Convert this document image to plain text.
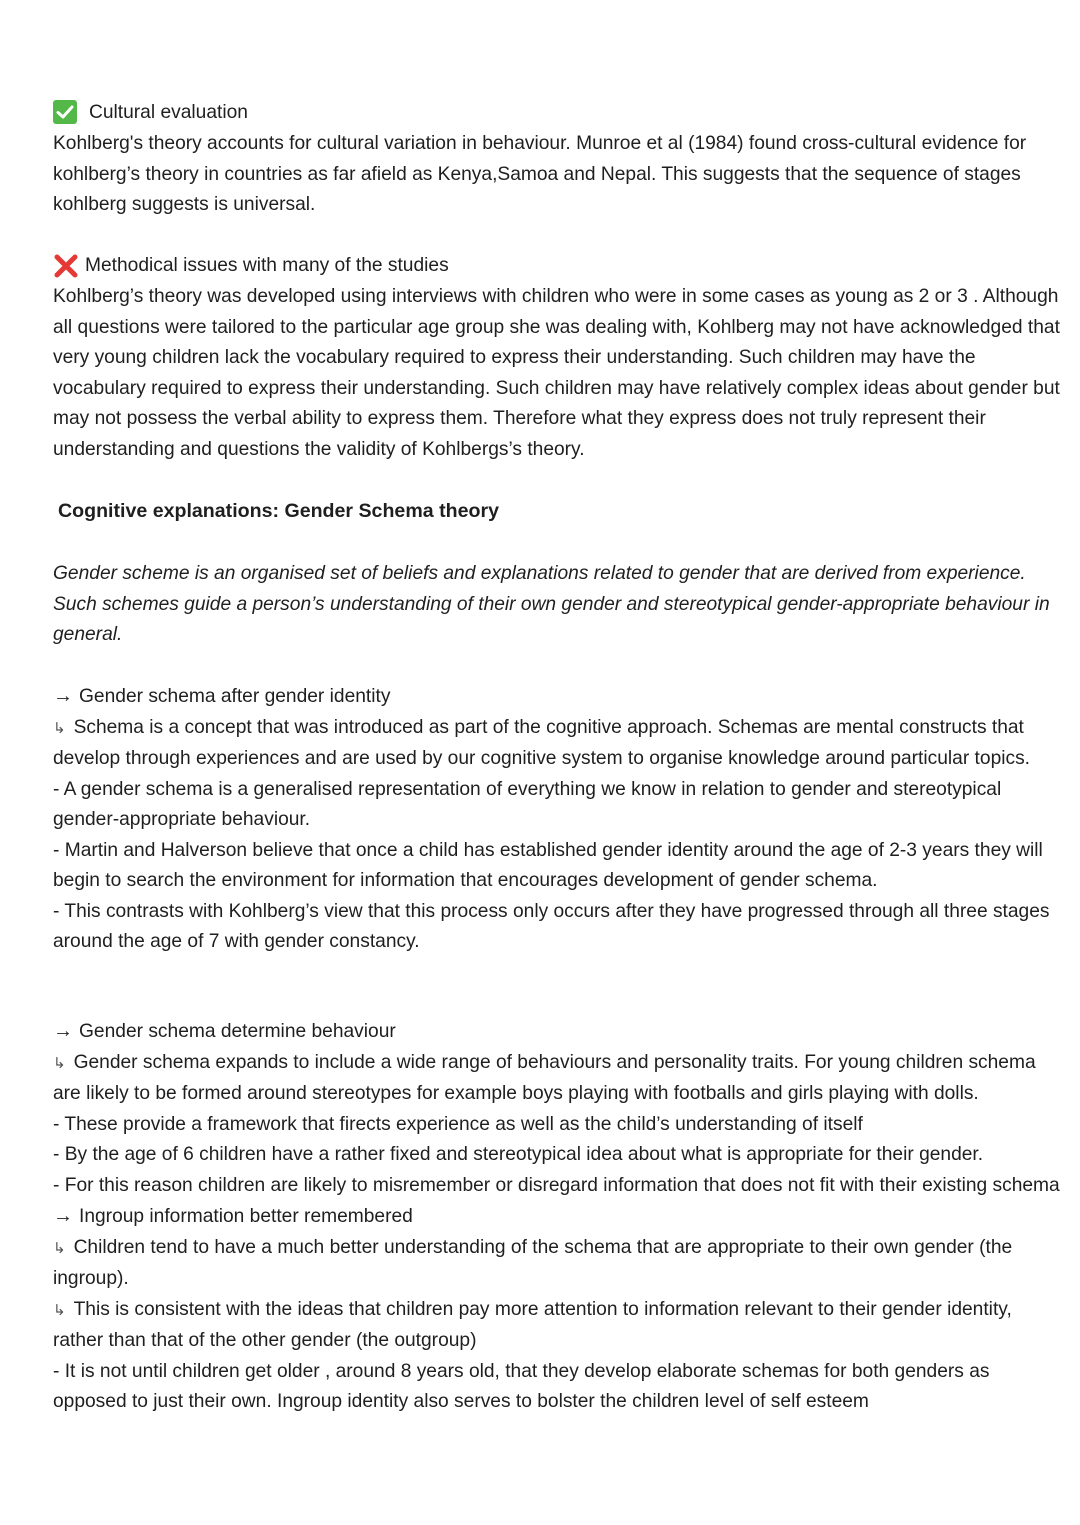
Cultural evaluation

Kohlberg's theory accounts for cultural variation in behaviour. Munroe et al (1984) found cross-cultural evidence for kohlberg’s theory in countries as far afield as Kenya,Samoa and Nepal. This suggests that the sequence of stages kohlberg suggests is universal.

Methodical issues with many of the studies

Kohlberg’s theory was developed using interviews with children who were in some cases as young as 2 or 3 . Although all questions were tailored to the particular age group she was dealing with, Kohlberg may not have acknowledged that very young children lack the vocabulary required to express their understanding. Such children may have the vocabulary required to express their understanding. Such children may have relatively complex ideas about gender but may not possess the verbal ability to express them. Therefore what they express does not truly represent their understanding and questions the validity of Kohlbergs’s theory.

Cognitive explanations: Gender Schema theory

Gender scheme is an organised set of beliefs and explanations related to gender that are derived from experience. Such schemes guide a person’s understanding of their own gender and stereotypical gender-appropriate behaviour in general.

→ Gender schema after gender identity
↳ Schema is a concept that was introduced as part of the cognitive approach. Schemas are mental constructs that develop through experiences and are used by our cognitive system to organise knowledge around particular topics.
- A gender schema is a generalised representation of everything we know in relation to gender and stereotypical gender-appropriate behaviour.
- Martin and Halverson believe that once a child has established gender identity around the age of 2-3 years they will begin to search the environment for information that encourages development of gender schema.
- This contrasts with Kohlberg’s view that this process only occurs after they have progressed through all three stages around the age of 7 with gender constancy.
→ Gender schema determine behaviour
↳ Gender schema expands to include a wide range of behaviours and personality traits. For young children schema are likely to be formed around stereotypes for example boys playing with footballs and girls playing with dolls.
- These provide a framework that firects experience as well as the child’s understanding of itself
- By the age of 6 children have a rather fixed and stereotypical idea about what is appropriate for their gender.
- For this reason children are likely to misremember or disregard information that does not fit with their existing schema
→ Ingroup information better remembered
↳ Children tend to have a much better understanding of the schema that are appropriate to their own gender (the ingroup).
↳ This is consistent with the ideas that children pay more attention to information relevant to their gender identity, rather than that of the other gender (the outgroup)
- It is not until children get older , around 8 years old, that they develop elaborate schemas for both genders as opposed to just their own. Ingroup identity also serves to bolster the children level of self esteem
